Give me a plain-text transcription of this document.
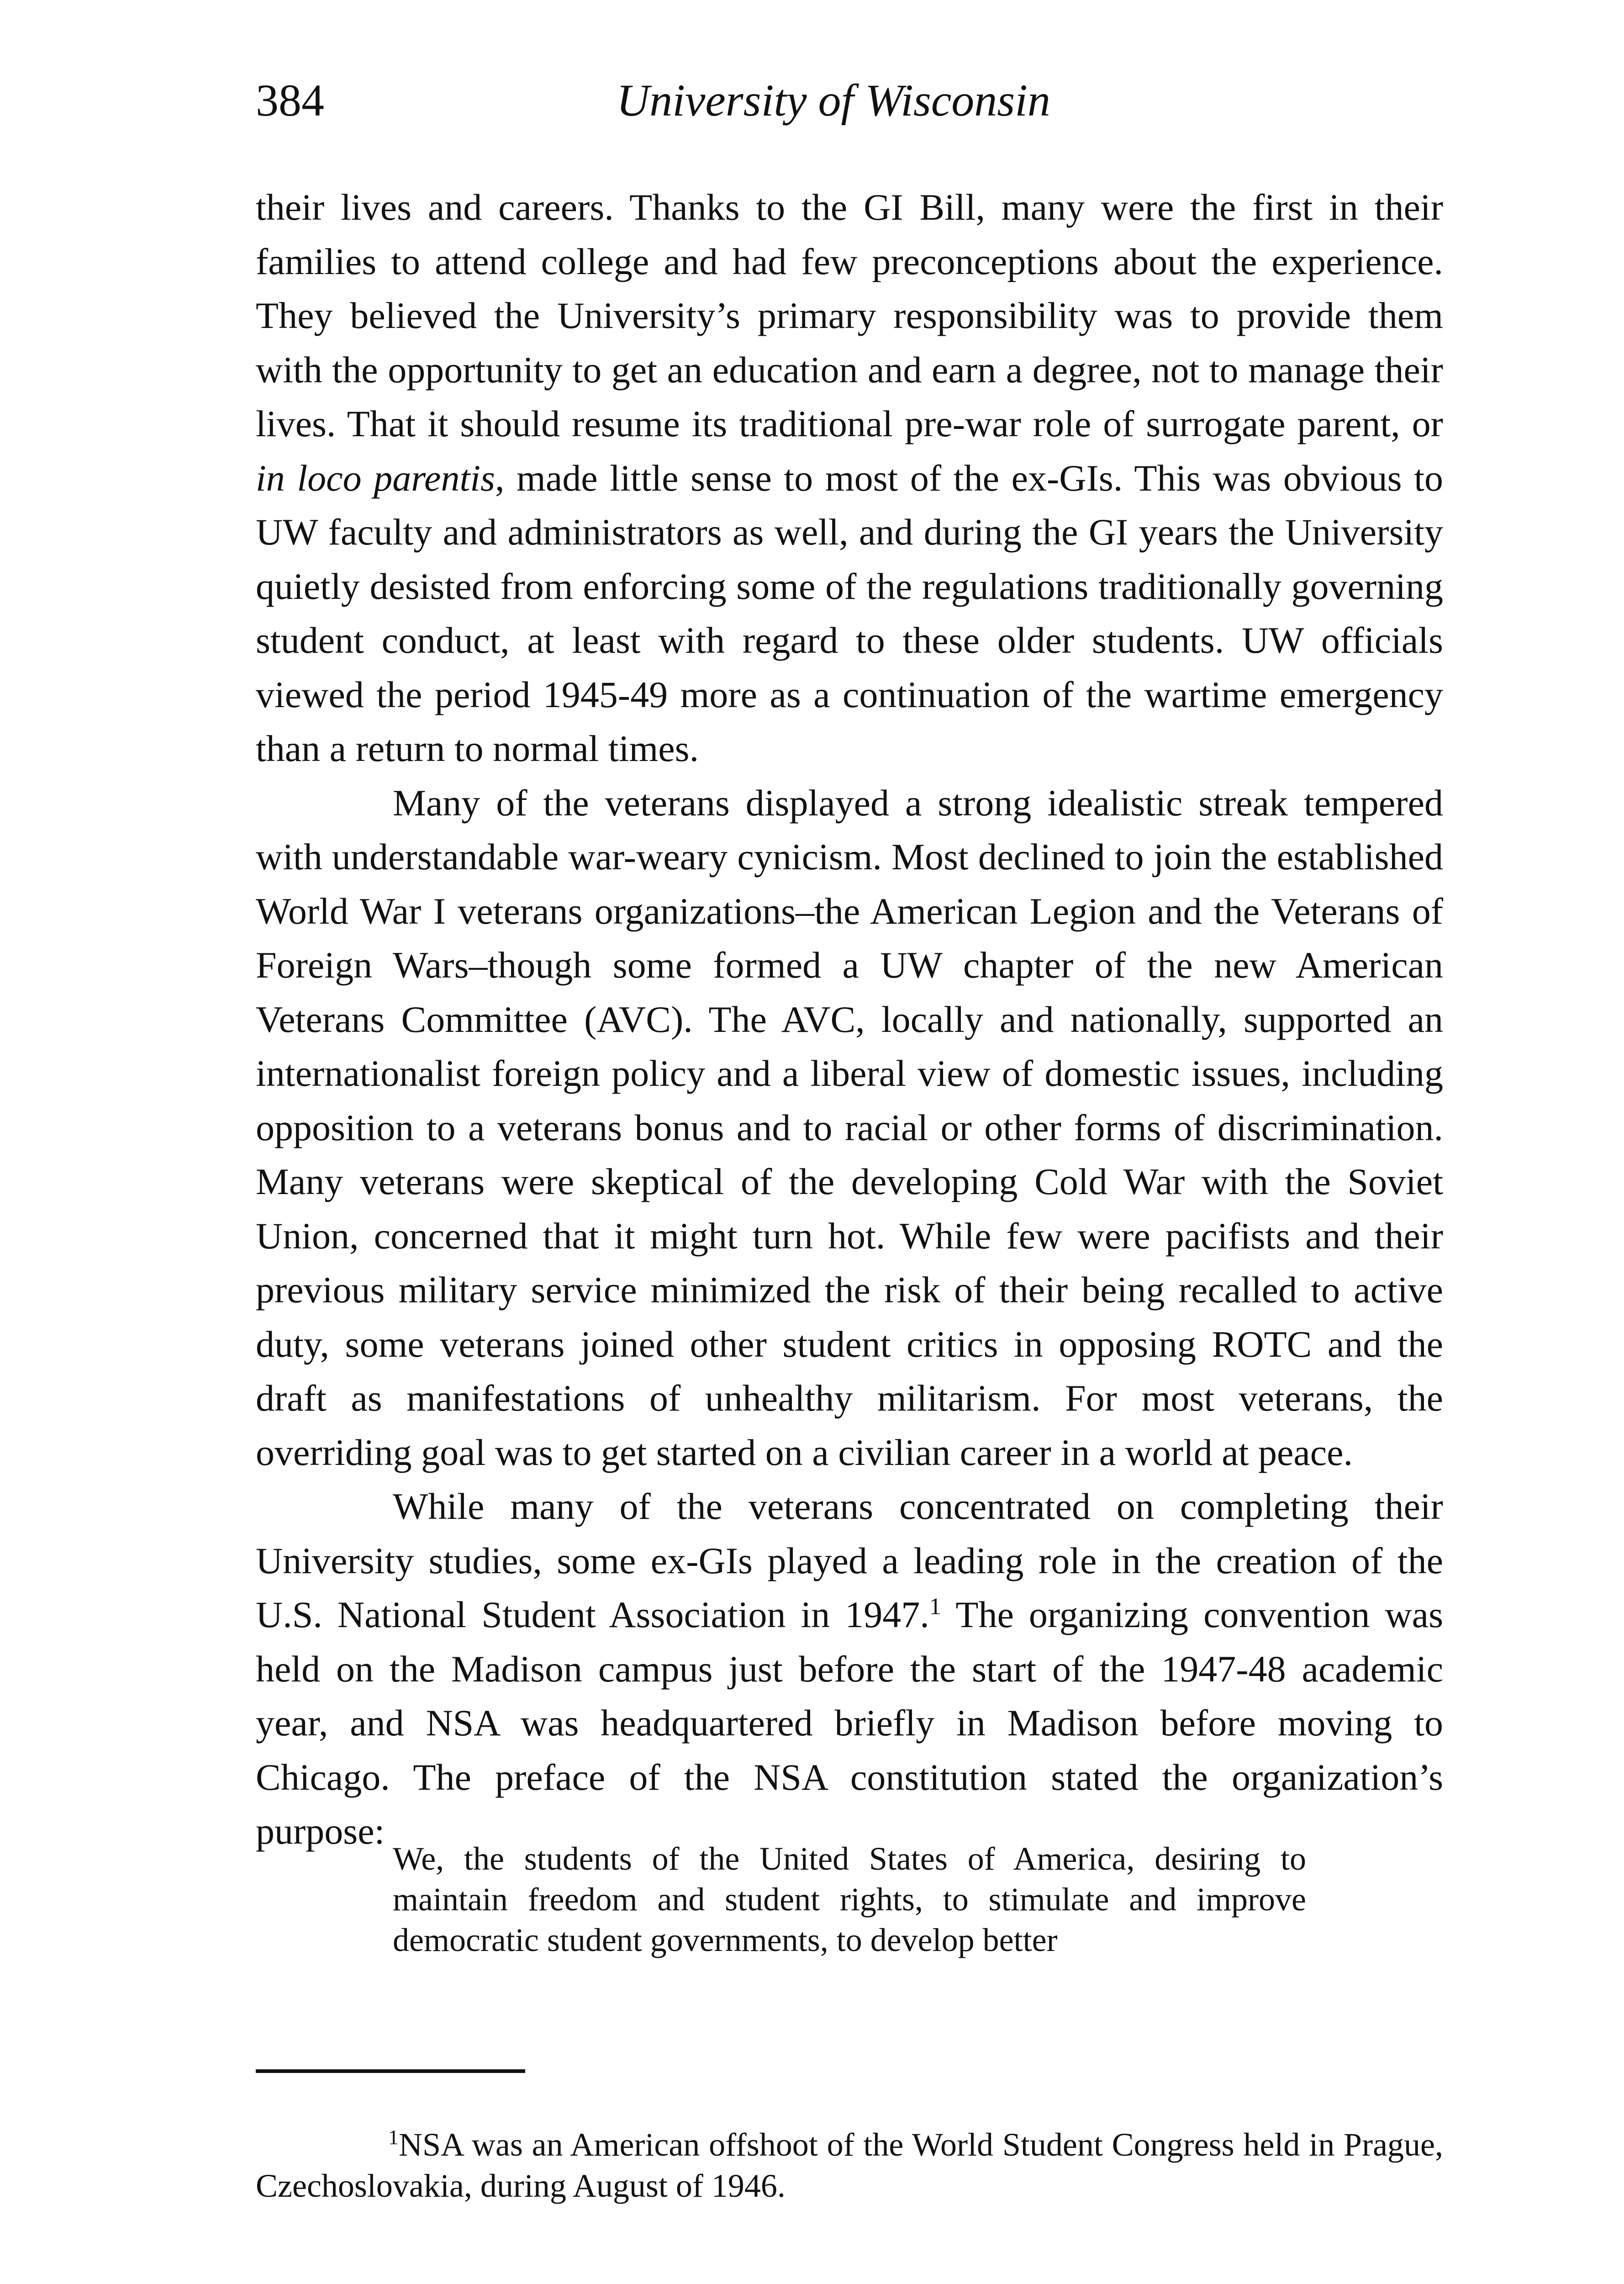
384	University of Wisconsin

their lives and careers. Thanks to the GI Bill, many were the first in their families to attend college and had few preconceptions about the experience. They believed the University’s primary responsibility was to provide them with the opportunity to get an education and earn a degree, not to manage their lives. That it should resume its traditional pre-war role of surrogate parent, or in loco parentis, made little sense to most of the ex-GIs. This was obvious to UW faculty and administrators as well, and during the GI years the University quietly desisted from enforcing some of the regulations traditionally governing student conduct, at least with regard to these older students. UW officials viewed the period 1945-49 more as a continuation of the wartime emergency than a return to normal times.

Many of the veterans displayed a strong idealistic streak tempered with understandable war-weary cynicism. Most declined to join the established World War I veterans organizations–the American Legion and the Veterans of Foreign Wars–though some formed a UW chapter of the new American Veterans Committee (AVC). The AVC, locally and nationally, supported an internationalist foreign policy and a liberal view of domestic issues, including opposition to a veterans bonus and to racial or other forms of discrimination. Many veterans were skeptical of the developing Cold War with the Soviet Union, concerned that it might turn hot. While few were pacifists and their previous military service minimized the risk of their being recalled to active duty, some veterans joined other student critics in opposing ROTC and the draft as manifestations of unhealthy militarism. For most veterans, the overriding goal was to get started on a civilian career in a world at peace.

While many of the veterans concentrated on completing their University studies, some ex-GIs played a leading role in the creation of the U.S. National Student Association in 1947.$^1$ The organizing convention was held on the Madison campus just before the start of the 1947-48 academic year, and NSA was headquartered briefly in Madison before moving to Chicago. The preface of the NSA constitution stated the organization’s purpose:

We, the students of the United States of America, desiring to maintain freedom and student rights, to stimulate and improve democratic student governments, to develop better
$^1$NSA was an American offshoot of the World Student Congress held in Prague, Czechoslovakia, during August of 1946.
